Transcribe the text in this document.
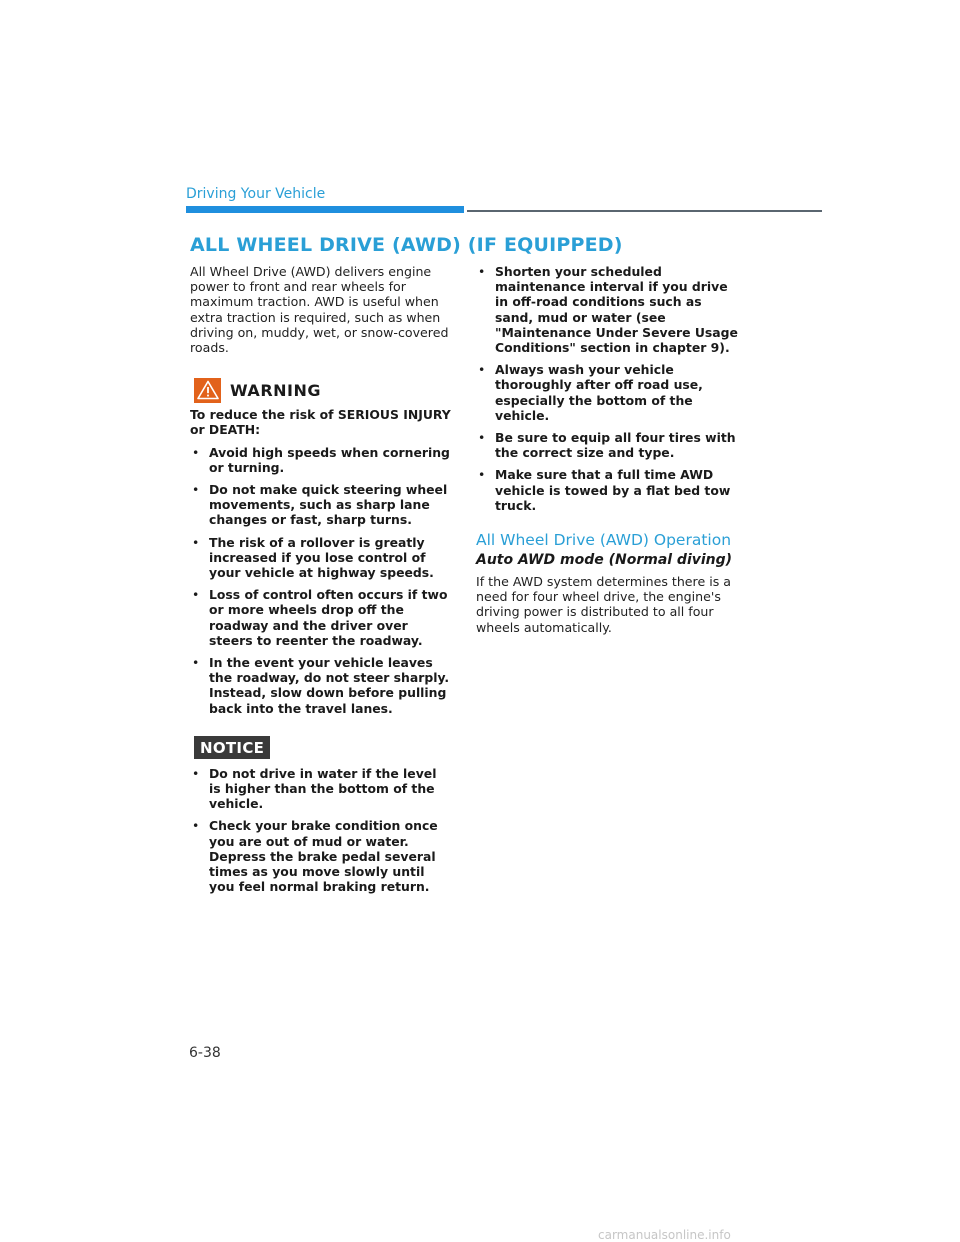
Driving Your Vehicle
ALL WHEEL DRIVE (AWD) (IF EQUIPPED)

All Wheel Drive (AWD) delivers engine power to front and rear wheels for maximum traction. AWD is useful when extra traction is required, such as when driving on, muddy, wet, or snow-covered roads.

WARNING

To reduce the risk of SERIOUS INJURY or DEATH:

• Avoid high speeds when cornering or turning.
• Do not make quick steering wheel movements, such as sharp lane changes or fast, sharp turns.
• The risk of a rollover is greatly increased if you lose control of your vehicle at highway speeds.
• Loss of control often occurs if two or more wheels drop off the roadway and the driver over steers to reenter the roadway.
• In the event your vehicle leaves the roadway, do not steer sharply. Instead, slow down before pulling back into the travel lanes.
NOTICE
• Do not drive in water if the level is higher than the bottom of the vehicle.
• Check your brake condition once you are out of mud or water. Depress the brake pedal several times as you move slowly until you feel normal braking return.
• Shorten your scheduled maintenance interval if you drive in off-road conditions such as sand, mud or water (see "Maintenance Under Severe Usage Conditions" section in chapter 9).
• Always wash your vehicle thoroughly after off road use, especially the bottom of the vehicle.
• Be sure to equip all four tires with the correct size and type.
• Make sure that a full time AWD vehicle is towed by a flat bed tow truck.
All Wheel Drive (AWD) Operation
Auto AWD mode (Normal diving)

If the AWD system determines there is a need for four wheel drive, the engine's driving power is distributed to all four wheels automatically.

6-38
carmanualsonline.info
